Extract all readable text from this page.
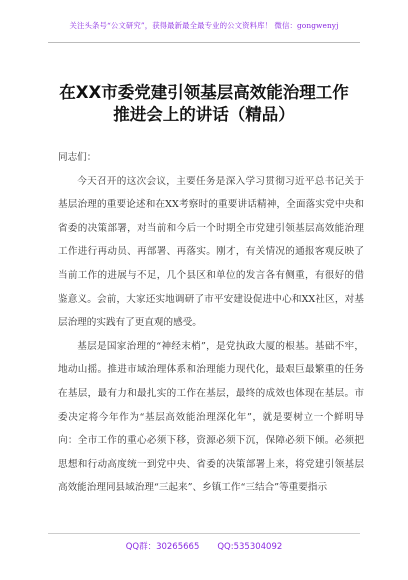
关注头条号“公文研究”，获得最新最全最专业的公文资料库！ 微信：gongwenyj
在XX市委党建引领基层高效能治理工作
推进会上的讲话（精品）
同志们：

今天召开的这次会议，主要任务是深入学习贯彻习近平总书记关于基层治理的重要论述和在XX考察时的重要讲话精神，全面落实党中央和省委的决策部署，对当前和今后一个时期全市党建引领基层高效能治理工作进行再动员、再部署、再落实。刚才，有关情况的通报客观反映了当前工作的进展与不足，几个县区和单位的发言各有侧重，有很好的借鉴意义。会前，大家还实地调研了市平安建设促进中心和XX社区，对基层治理的实践有了更直观的感受。

基层是国家治理的“神经末梢”，是党执政大厦的根基。基础不牢，地动山摇。推进市域治理体系和治理能力现代化，最艰巨最繁重的任务在基层，最有力和最扎实的工作在基层，最终的成效也体现在基层。市委决定将今年作为“基层高效能治理深化年”，就是要树立一个鲜明导向：全市工作的重心必须下移，资源必须下沉，保障必须下倾。必须把思想和行动高度统一到党中央、省委的决策部署上来，将党建引领基层高效能治理同县域治理“三起来”、乡镇工作“三结合”等重要指示

QQ群：30265665 QQ:535304092
